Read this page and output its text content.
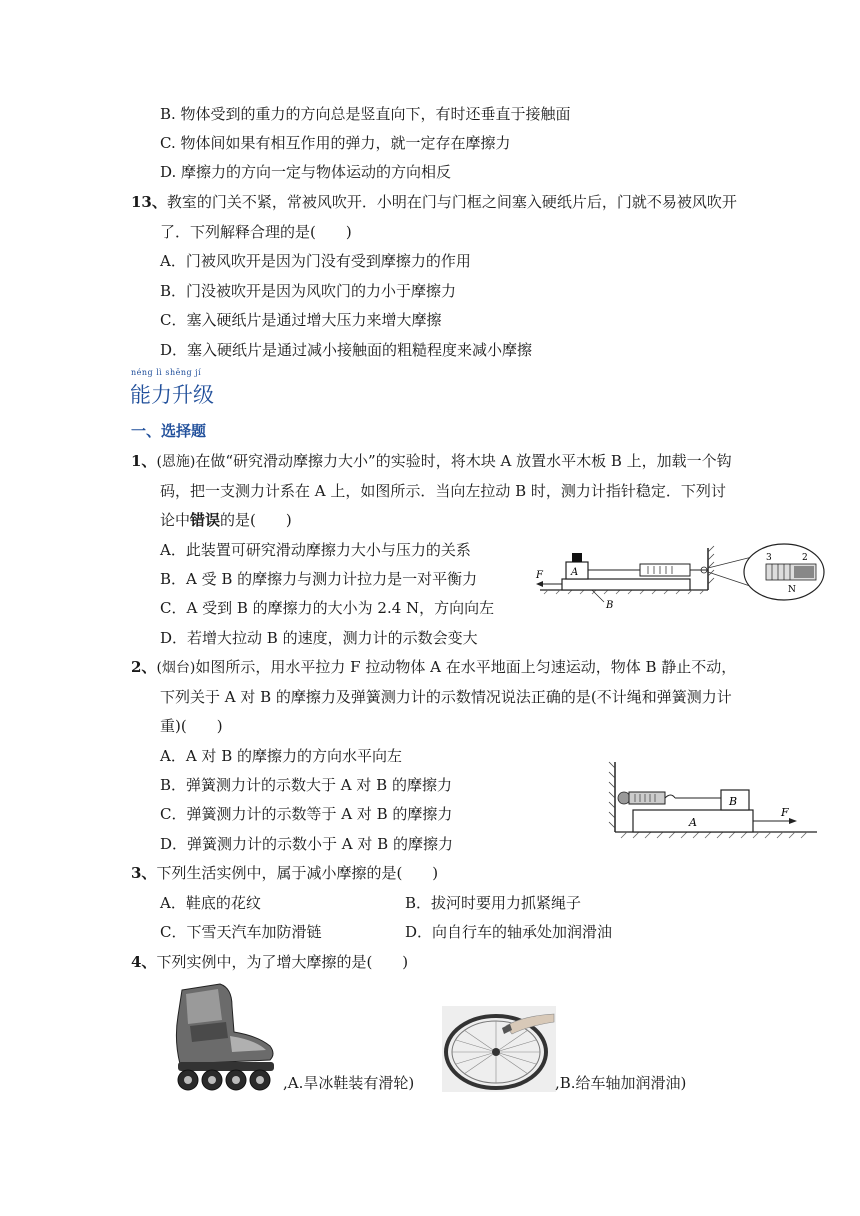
B. 物体受到的重力的方向总是竖直向下，有时还垂直于接触面
C. 物体间如果有相互作用的弹力，就一定存在摩擦力
D. 摩擦力的方向一定与物体运动的方向相反
13、教室的门关不紧，常被风吹开．小明在门与门框之间塞入硬纸片后，门就不易被风吹开
了．下列解释合理的是(　　)
A．门被风吹开是因为门没有受到摩擦力的作用
B．门没被吹开是因为风吹门的力小于摩擦力
C．塞入硬纸片是通过增大压力来增大摩擦
D．塞入硬纸片是通过减小接触面的粗糙程度来减小摩擦
néng lì shēng jí
能力升级
一、选择题
1、(恩施)在做“研究滑动摩擦力大小”的实验时，将木块 A 放置水平木板 B 上，加载一个钩
码，把一支测力计系在 A 上，如图所示．当向左拉动 B 时，测力计指针稳定．下列讨
论中错误的是(　　)
A．此装置可研究滑动摩擦力大小与压力的关系
B．A 受 B 的摩擦力与测力计拉力是一对平衡力
C．A 受到 B 的摩擦力的大小为 2.4 N，方向向左
D．若增大拉动 B 的速度，测力计的示数会变大
A
3	2
N
F
B
2、(烟台)如图所示，用水平拉力 F 拉动物体 A 在水平地面上匀速运动，物体 B 静止不动，
下列关于 A 对 B 的摩擦力及弹簧测力计的示数情况说法正确的是(不计绳和弹簧测力计
重)(　　)
A．A 对 B 的摩擦力的方向水平向左
B．弹簧测力计的示数大于 A 对 B 的摩擦力
C．弹簧测力计的示数等于 A 对 B 的摩擦力
D．弹簧测力计的示数小于 A 对 B 的摩擦力
A
B
F
3、下列生活实例中，属于减小摩擦的是(　　)
A．鞋底的花纹	B．拔河时要用力抓紧绳子
C．下雪天汽车加防滑链	D．向自行车的轴承处加润滑油
4、下列实例中，为了增大摩擦的是(　　)
,A.旱冰鞋装有滑轮)	,B.给车轴加润滑油)
